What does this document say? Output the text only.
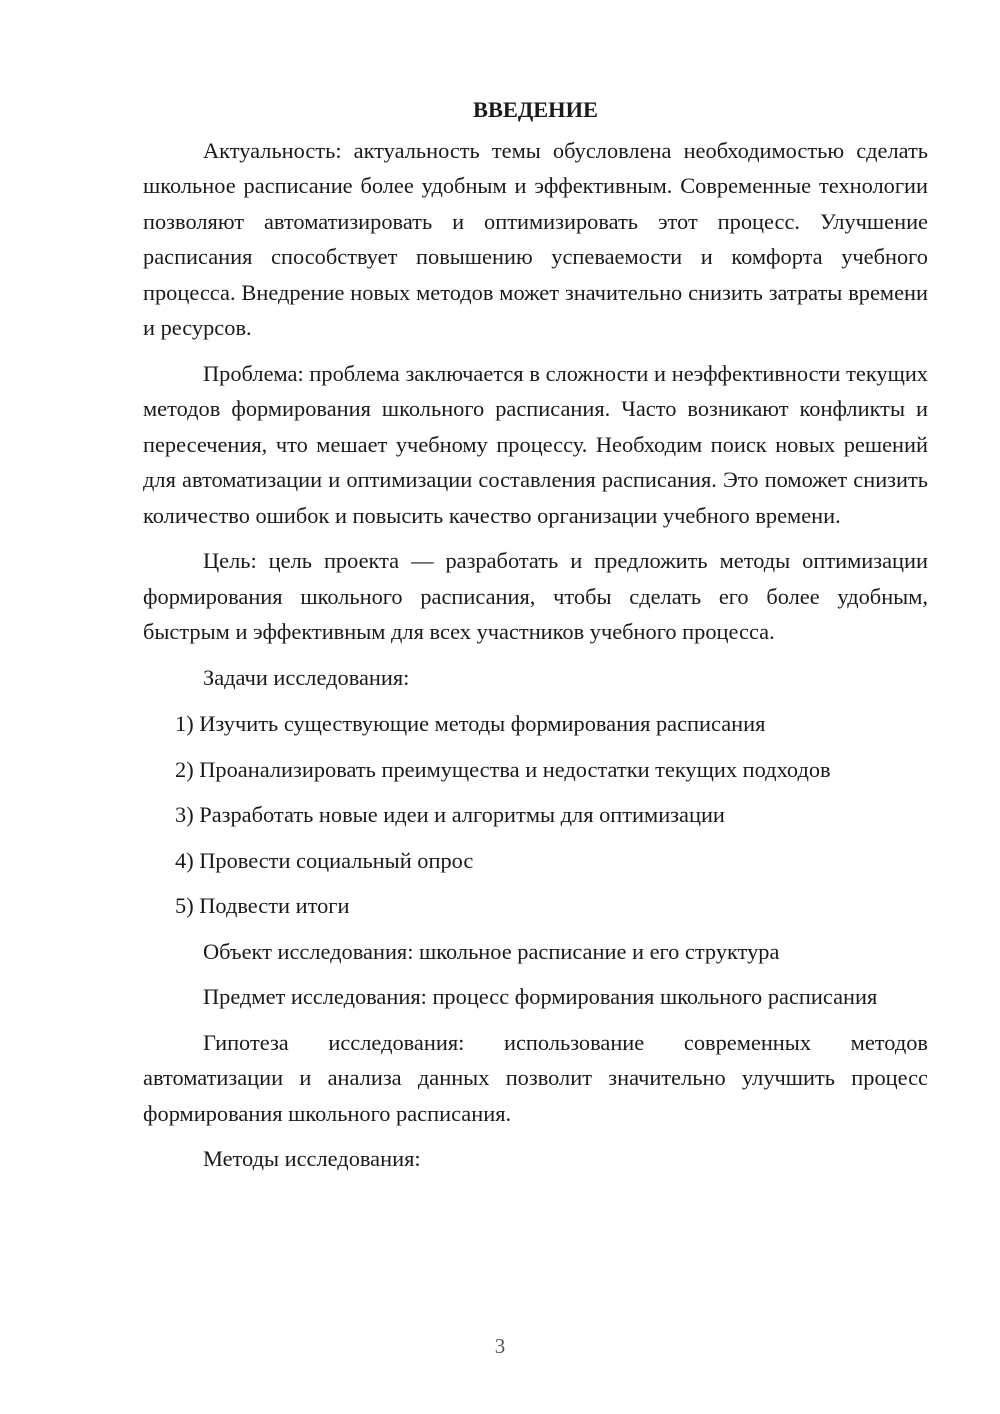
ВВЕДЕНИЕ

Актуальность: актуальность темы обусловлена необходимостью сделать школьное расписание более удобным и эффективным. Современные технологии позволяют автоматизировать и оптимизировать этот процесс. Улучшение расписания способствует повышению успеваемости и комфорта учебного процесса. Внедрение новых методов может значительно снизить затраты времени и ресурсов.

Проблема: проблема заключается в сложности и неэффективности текущих методов формирования школьного расписания. Часто возникают конфликты и пересечения, что мешает учебному процессу. Необходим поиск новых решений для автоматизации и оптимизации составления расписания. Это поможет снизить количество ошибок и повысить качество организации учебного времени.

Цель: цель проекта — разработать и предложить методы оптимизации формирования школьного расписания, чтобы сделать его более удобным, быстрым и эффективным для всех участников учебного процесса.

Задачи исследования:

1) Изучить существующие методы формирования расписания
2) Проанализировать преимущества и недостатки текущих подходов
3) Разработать новые идеи и алгоритмы для оптимизации
4) Провести социальный опрос
5) Подвести итоги

Объект исследования: школьное расписание и его структура

Предмет исследования: процесс формирования школьного расписания

Гипотеза исследования: использование современных методов автоматизации и анализа данных позволит значительно улучшить процесс формирования школьного расписания.

Методы исследования:

3
